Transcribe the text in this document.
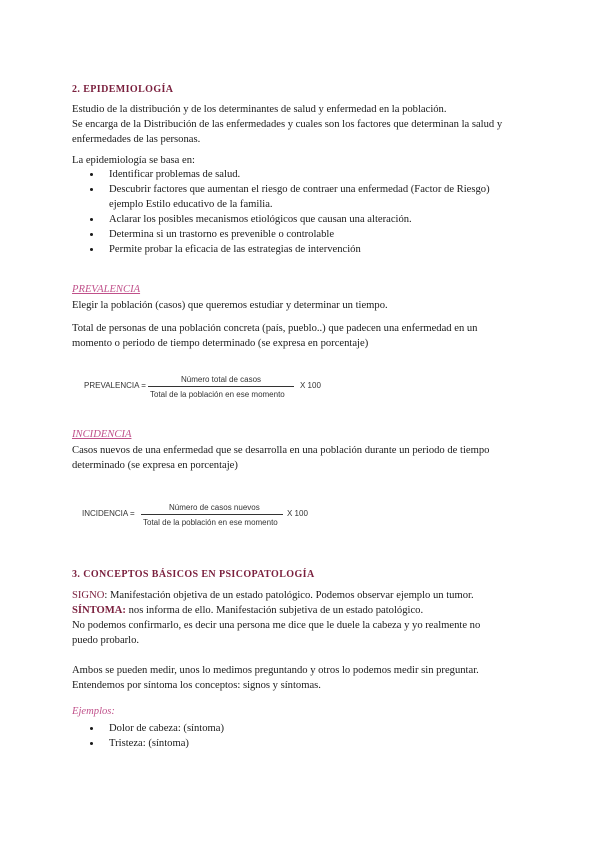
2. EPIDEMIOLOGÍA
Estudio de la distribución y de los determinantes de salud y enfermedad en la población.
Se encarga de la Distribución de las enfermedades y cuales son los factores que determinan la salud y
enfermedades de las personas.
La epidemiología se basa en:
Identificar problemas de salud.
Descubrir factores que aumentan el riesgo de contraer una enfermedad (Factor de Riesgo)
ejemplo Estilo educativo de la familia.
Aclarar los posibles mecanismos etiológicos que causan una alteración.
Determina si un trastorno es prevenible o controlable
Permite probar la eficacia de las estrategias de intervención
PREVALENCIA
Elegir la población (casos) que queremos estudiar y determinar un tiempo.
Total de personas de una población concreta (país, pueblo..) que padecen una enfermedad en un
momento o periodo de tiempo determinado (se expresa en porcentaje)
PREVALENCIA =
Número total de casos
Total de la población en ese momento
X 100
INCIDENCIA
Casos nuevos de una enfermedad que se desarrolla en una población durante un periodo de tiempo
determinado (se expresa en porcentaje)
INCIDENCIA =
Número de casos nuevos
Total de la población en ese momento
X 100
3. CONCEPTOS BÁSICOS EN PSICOPATOLOGÍA
SIGNO: Manifestación objetiva de un estado patológico. Podemos observar ejemplo un tumor.
SÍNTOMA: nos informa de ello. Manifestación subjetiva de un estado patológico.
No podemos confirmarlo, es decir una persona me dice que le duele la cabeza y yo realmente no
puedo probarlo.
Ambos se pueden medir, unos lo medimos preguntando y otros lo podemos medir sin preguntar.
Entendemos por síntoma los conceptos: signos y síntomas.
Ejemplos:
Dolor de cabeza: (síntoma)
Tristeza: (síntoma)
